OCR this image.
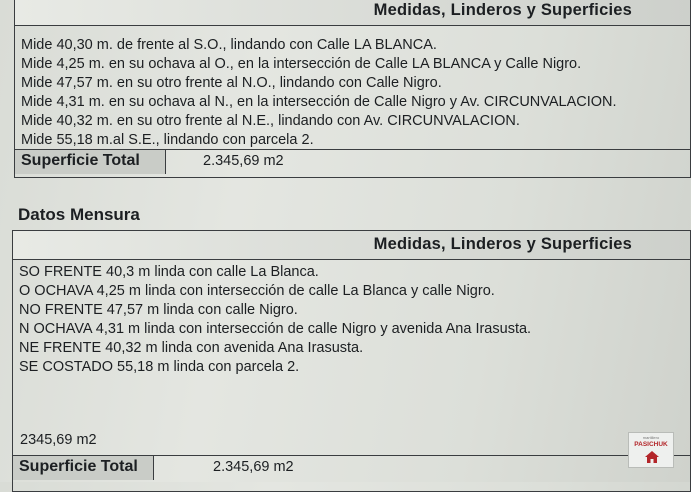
Medidas, Linderos y Superficies
Mide 40,30 m. de frente al S.O., lindando con Calle LA BLANCA.
Mide 4,25 m. en su ochava al O., en la intersección de Calle LA BLANCA y Calle Nigro.
Mide 47,57 m. en su otro frente al N.O., lindando con Calle Nigro.
Mide 4,31 m. en su ochava al N., en la intersección de Calle Nigro y Av. CIRCUNVALACION.
Mide 40,32 m. en su otro frente al N.E., lindando con Av. CIRCUNVALACION.
Mide 55,18 m.al S.E., lindando con parcela 2.
Superficie Total	2.345,69 m2
Datos Mensura
Medidas, Linderos y Superficies
SO FRENTE 40,3 m linda con calle La Blanca.
O OCHAVA 4,25 m linda con intersección de calle La Blanca y calle Nigro.
NO FRENTE 47,57 m linda con calle Nigro.
N OCHAVA 4,31 m linda con intersección de calle Nigro y avenida Ana Irasusta.
NE FRENTE 40,32 m linda con avenida Ana Irasusta.
SE COSTADO 55,18 m linda con parcela 2.
Superficie Total	2.345,69 m2
2345,69 m2	martillero
PASICHUK
